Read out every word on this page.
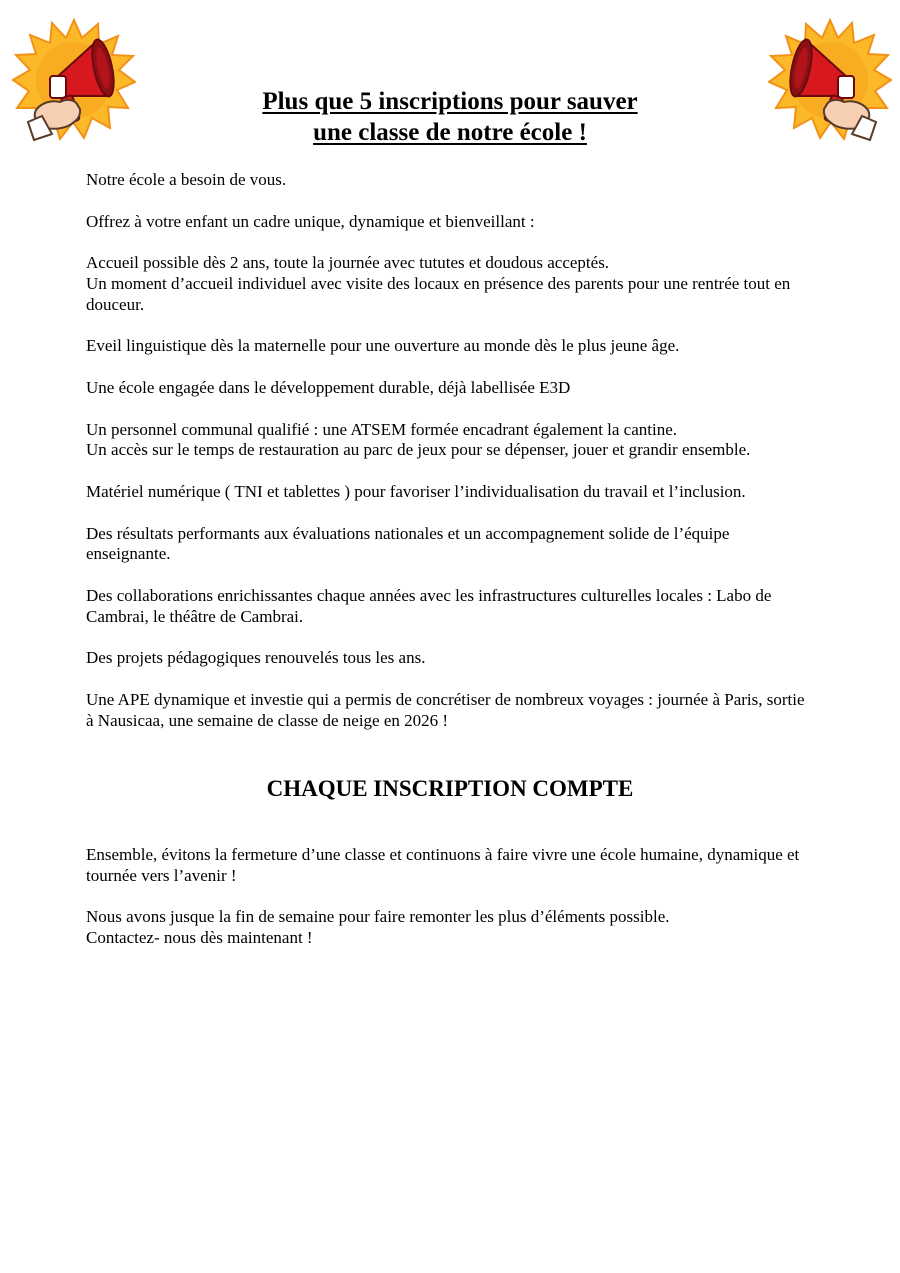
Plus que 5 inscriptions pour sauver
une classe de notre école !

Notre école a besoin de vous.

Offrez à votre enfant un cadre unique, dynamique et bienveillant :

Accueil possible dès 2 ans, toute la journée avec tututes et doudous acceptés.
Un moment d’accueil individuel avec visite des locaux en présence des parents pour une rentrée tout en douceur.

Eveil linguistique dès la maternelle pour une ouverture au monde dès le plus jeune âge.

Une école engagée dans le développement durable, déjà labellisée E3D

Un personnel communal qualifié : une ATSEM formée encadrant également la cantine.
Un accès sur le temps de restauration au parc de jeux pour se dépenser, jouer et grandir ensemble.

Matériel numérique ( TNI et tablettes ) pour favoriser l’individualisation du travail et l’inclusion.

Des résultats performants aux évaluations nationales et un accompagnement solide de l’équipe enseignante.

Des collaborations enrichissantes chaque années avec les infrastructures culturelles locales : Labo de Cambrai, le théâtre de Cambrai.

Des projets pédagogiques renouvelés tous les ans.

Une APE dynamique et investie qui a permis de concrétiser de nombreux voyages : journée à Paris, sortie à Nausicaa, une semaine de classe de neige en 2026 !

CHAQUE INSCRIPTION COMPTE

Ensemble, évitons la fermeture d’une classe et continuons à faire vivre une école humaine, dynamique et tournée vers l’avenir !

Nous avons jusque la fin de semaine pour faire remonter les plus d’éléments possible.
Contactez- nous dès maintenant !
